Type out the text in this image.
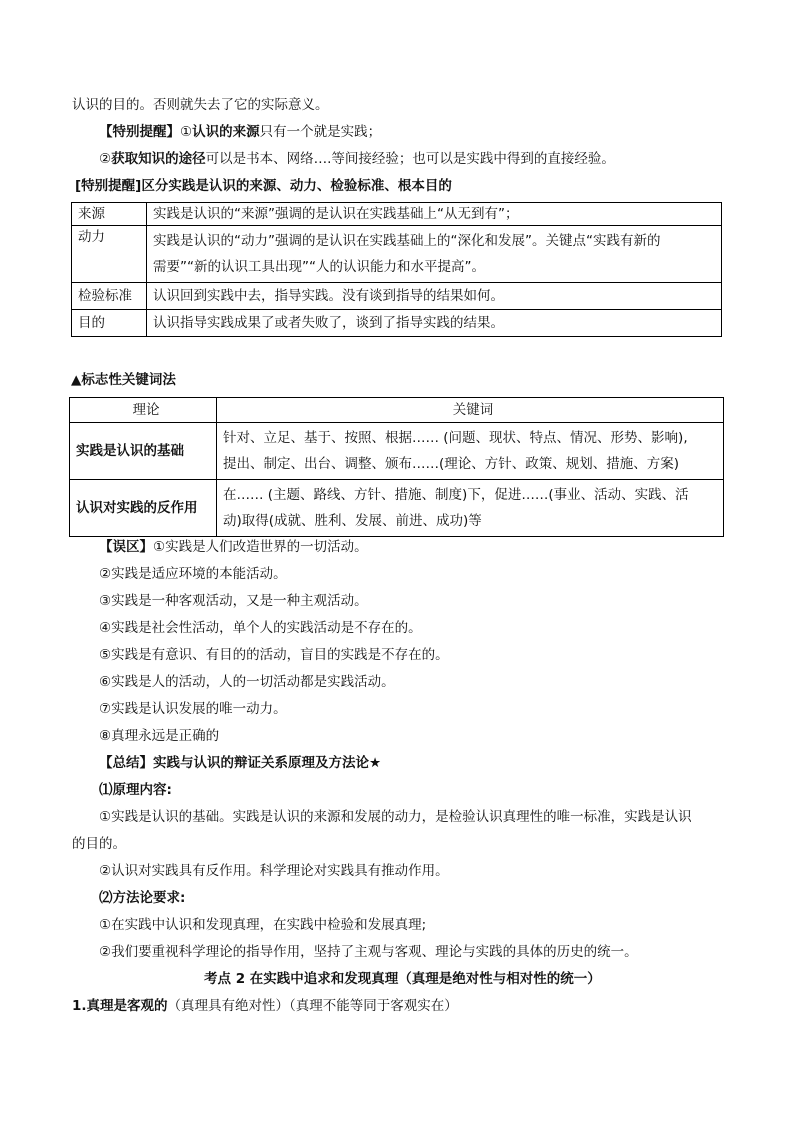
认识的目的。否则就失去了它的实际意义。
【特别提醒】①认识的来源只有一个就是实践；
②获取知识的途径可以是书本、网络….等间接经验；也可以是实践中得到的直接经验。
[特别提醒]区分实践是认识的来源、动力、检验标准、根本目的
来源	实践是认识的“来源”强调的是认识在实践基础上“从无到有”；

动力	实践是认识的“动力”强调的是认识在实践基础上的“深化和发展”。关键点“实践有新的
需要”“新的认识工具出现”“人的认识能力和水平提高”。

检验标准	认识回到实践中去，指导实践。没有谈到指导的结果如何。

目的	认识指导实践成果了或者失败了，谈到了指导实践的结果。
▲标志性关键词法
理论	关键词
实践是认识的基础	针对、立足、基于、按照、根据…… (问题、现状、特点、情况、形势、影响),
提出、制定、出台、调整、颁布……(理论、方针、政策、规划、措施、方案)

认识对实践的反作用	在…… (主题、路线、方针、措施、制度)下，促进……(事业、活动、实践、活
动)取得(成就、胜利、发展、前进、成功)等
【误区】①实践是人们改造世界的一切活动。
②实践是适应环境的本能活动。
③实践是一种客观活动，又是一种主观活动。
④实践是社会性活动，单个人的实践活动是不存在的。
⑤实践是有意识、有目的的活动，盲目的实践是不存在的。
⑥实践是人的活动，人的一切活动都是实践活动。
⑦实践是认识发展的唯一动力。
⑧真理永远是正确的
【总结】实践与认识的辩证关系原理及方法论★
⑴原理内容:
①实践是认识的基础。实践是认识的来源和发展的动力，是检验认识真理性的唯一标准，实践是认识
的目的。
②认识对实践具有反作用。科学理论对实践具有推动作用。
⑵方法论要求:
①在实践中认识和发现真理，在实践中检验和发展真理;
②我们要重视科学理论的指导作用，坚持了主观与客观、理论与实践的具体的历史的统一。
考点 2 在实践中追求和发现真理（真理是绝对性与相对性的统一）
1.真理是客观的（真理具有绝对性）（真理不能等同于客观实在）
